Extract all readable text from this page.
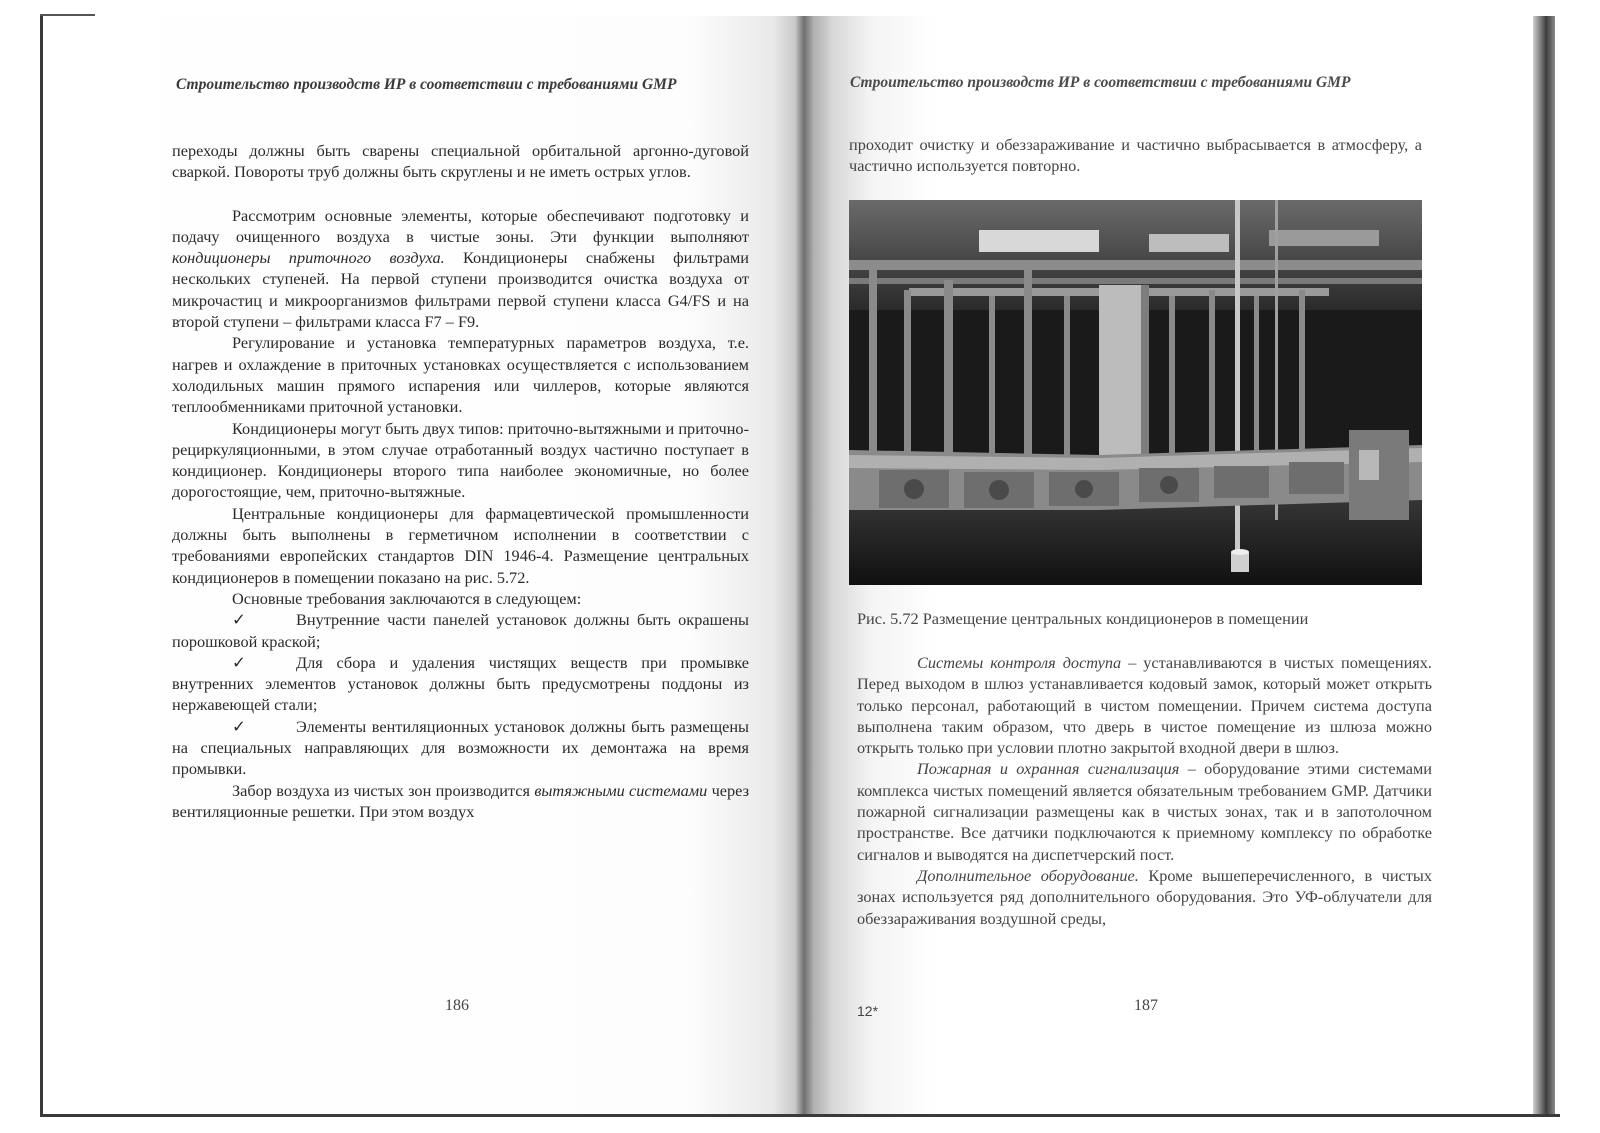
Строительство производств ИР в соответствии с требованиями GMP

переходы должны быть сварены специальной орбитальной аргонно-дуговой сваркой. Повороты труб должны быть скруглены и не иметь острых углов.

Рассмотрим основные элементы, которые обеспечивают подготовку и подачу очищенного воздуха в чистые зоны. Эти функции выполняют кондиционеры приточного воздуха. Кондиционеры снабжены фильтрами нескольких ступеней. На первой ступени производится очистка воздуха от микрочастиц и микроорганизмов фильтрами первой ступени класса G4/FS и на второй ступени – фильтрами класса F7 – F9.

Регулирование и установка температурных параметров воздуха, т.е. нагрев и охлаждение в приточных установках осуществляется с использованием холодильных машин прямого испарения или чиллеров, которые являются теплообменниками приточной установки.

Кондиционеры могут быть двух типов: приточно-вытяжными и приточно-рециркуляционными, в этом случае отработанный воздух частично поступает в кондиционер. Кондиционеры второго типа наиболее экономичные, но более дорогостоящие, чем, приточно-вытяжные.

Центральные кондиционеры для фармацевтической промышленности должны быть выполнены в герметичном исполнении в соответствии с требованиями европейских стандартов DIN 1946-4. Размещение центральных кондиционеров в помещении показано на рис. 5.72.

Основные требования заключаются в следующем:

✓	Внутренние части панелей установок должны быть окрашены порошковой краской;

✓	Для сбора и удаления чистящих веществ при промывке внутренних элементов установок должны быть предусмотрены поддоны из нержавеющей стали;

✓	Элементы вентиляционных установок должны быть размещены на специальных направляющих для возможности их демонтажа на время промывки.

Забор воздуха из чистых зон производится вытяжными системами через вентиляционные решетки. При этом воздух

186
Строительство производств ИР в соответствии с требованиями GMP

проходит очистку и обеззараживание и частично выбрасывается в атмосферу, а частично используется повторно.

Рис. 5.72 Размещение центральных кондиционеров в помещении

Системы контроля доступа – устанавливаются в чистых помещениях. Перед выходом в шлюз устанавливается кодовый замок, который может открыть только персонал, работающий в чистом помещении. Причем система доступа выполнена таким образом, что дверь в чистое помещение из шлюза можно открыть только при условии плотно закрытой входной двери в шлюз.

Пожарная и охранная сигнализация – оборудование этими системами комплекса чистых помещений является обязательным требованием GMP. Датчики пожарной сигнализации размещены как в чистых зонах, так и в запотолочном пространстве. Все датчики подключаются к приемному комплексу по обработке сигналов и выводятся на диспетчерский пост.

Дополнительное оборудование. Кроме вышеперечисленного, в чистых зонах используется ряд дополнительного оборудования. Это УФ-облучатели для обеззараживания воздушной среды,

12*	187
